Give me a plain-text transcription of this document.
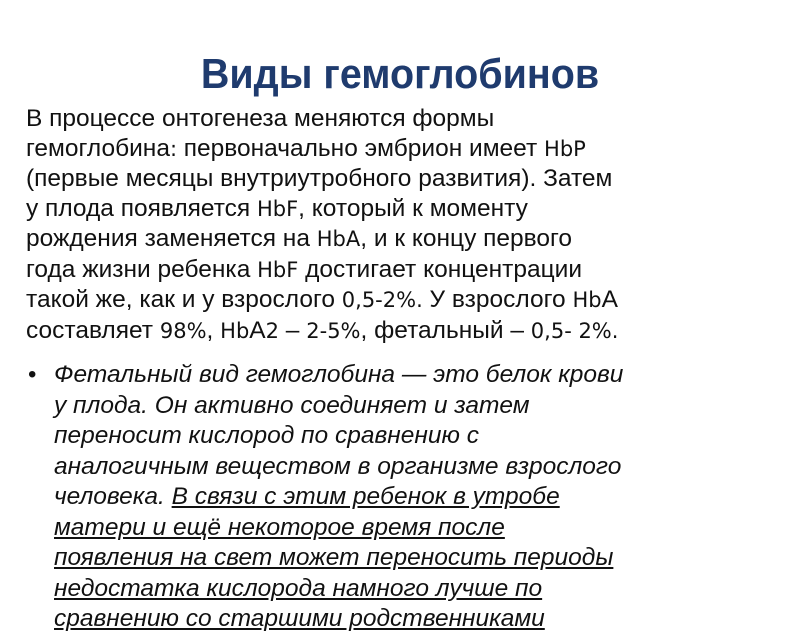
Виды гемоглобинов
В процессе онтогенеза меняются формы
гемоглобина: первоначально эмбрион имеет HbP
(первые месяцы внутриутробного развития). Затем
у плода появляется HbF, который к моменту
рождения заменяется на HbA, и к концу первого
года жизни ребенка HbF достигает концентрации
такой же, как и у взрослого 0,5-2%. У взрослого HbА
составляет 98%, HbА2 – 2-5%, фетальный – 0,5- 2%.
• Фетальный вид гемоглобина — это белок крови
у плода. Он активно соединяет и затем
переносит кислород по сравнению с
аналогичным веществом в организме взрослого
человека. В связи с этим ребенок в утробе
матери и ещё некоторое время после
появления на свет может переносить периоды
недостатка кислорода намного лучше по
сравнению со старшими родственниками
